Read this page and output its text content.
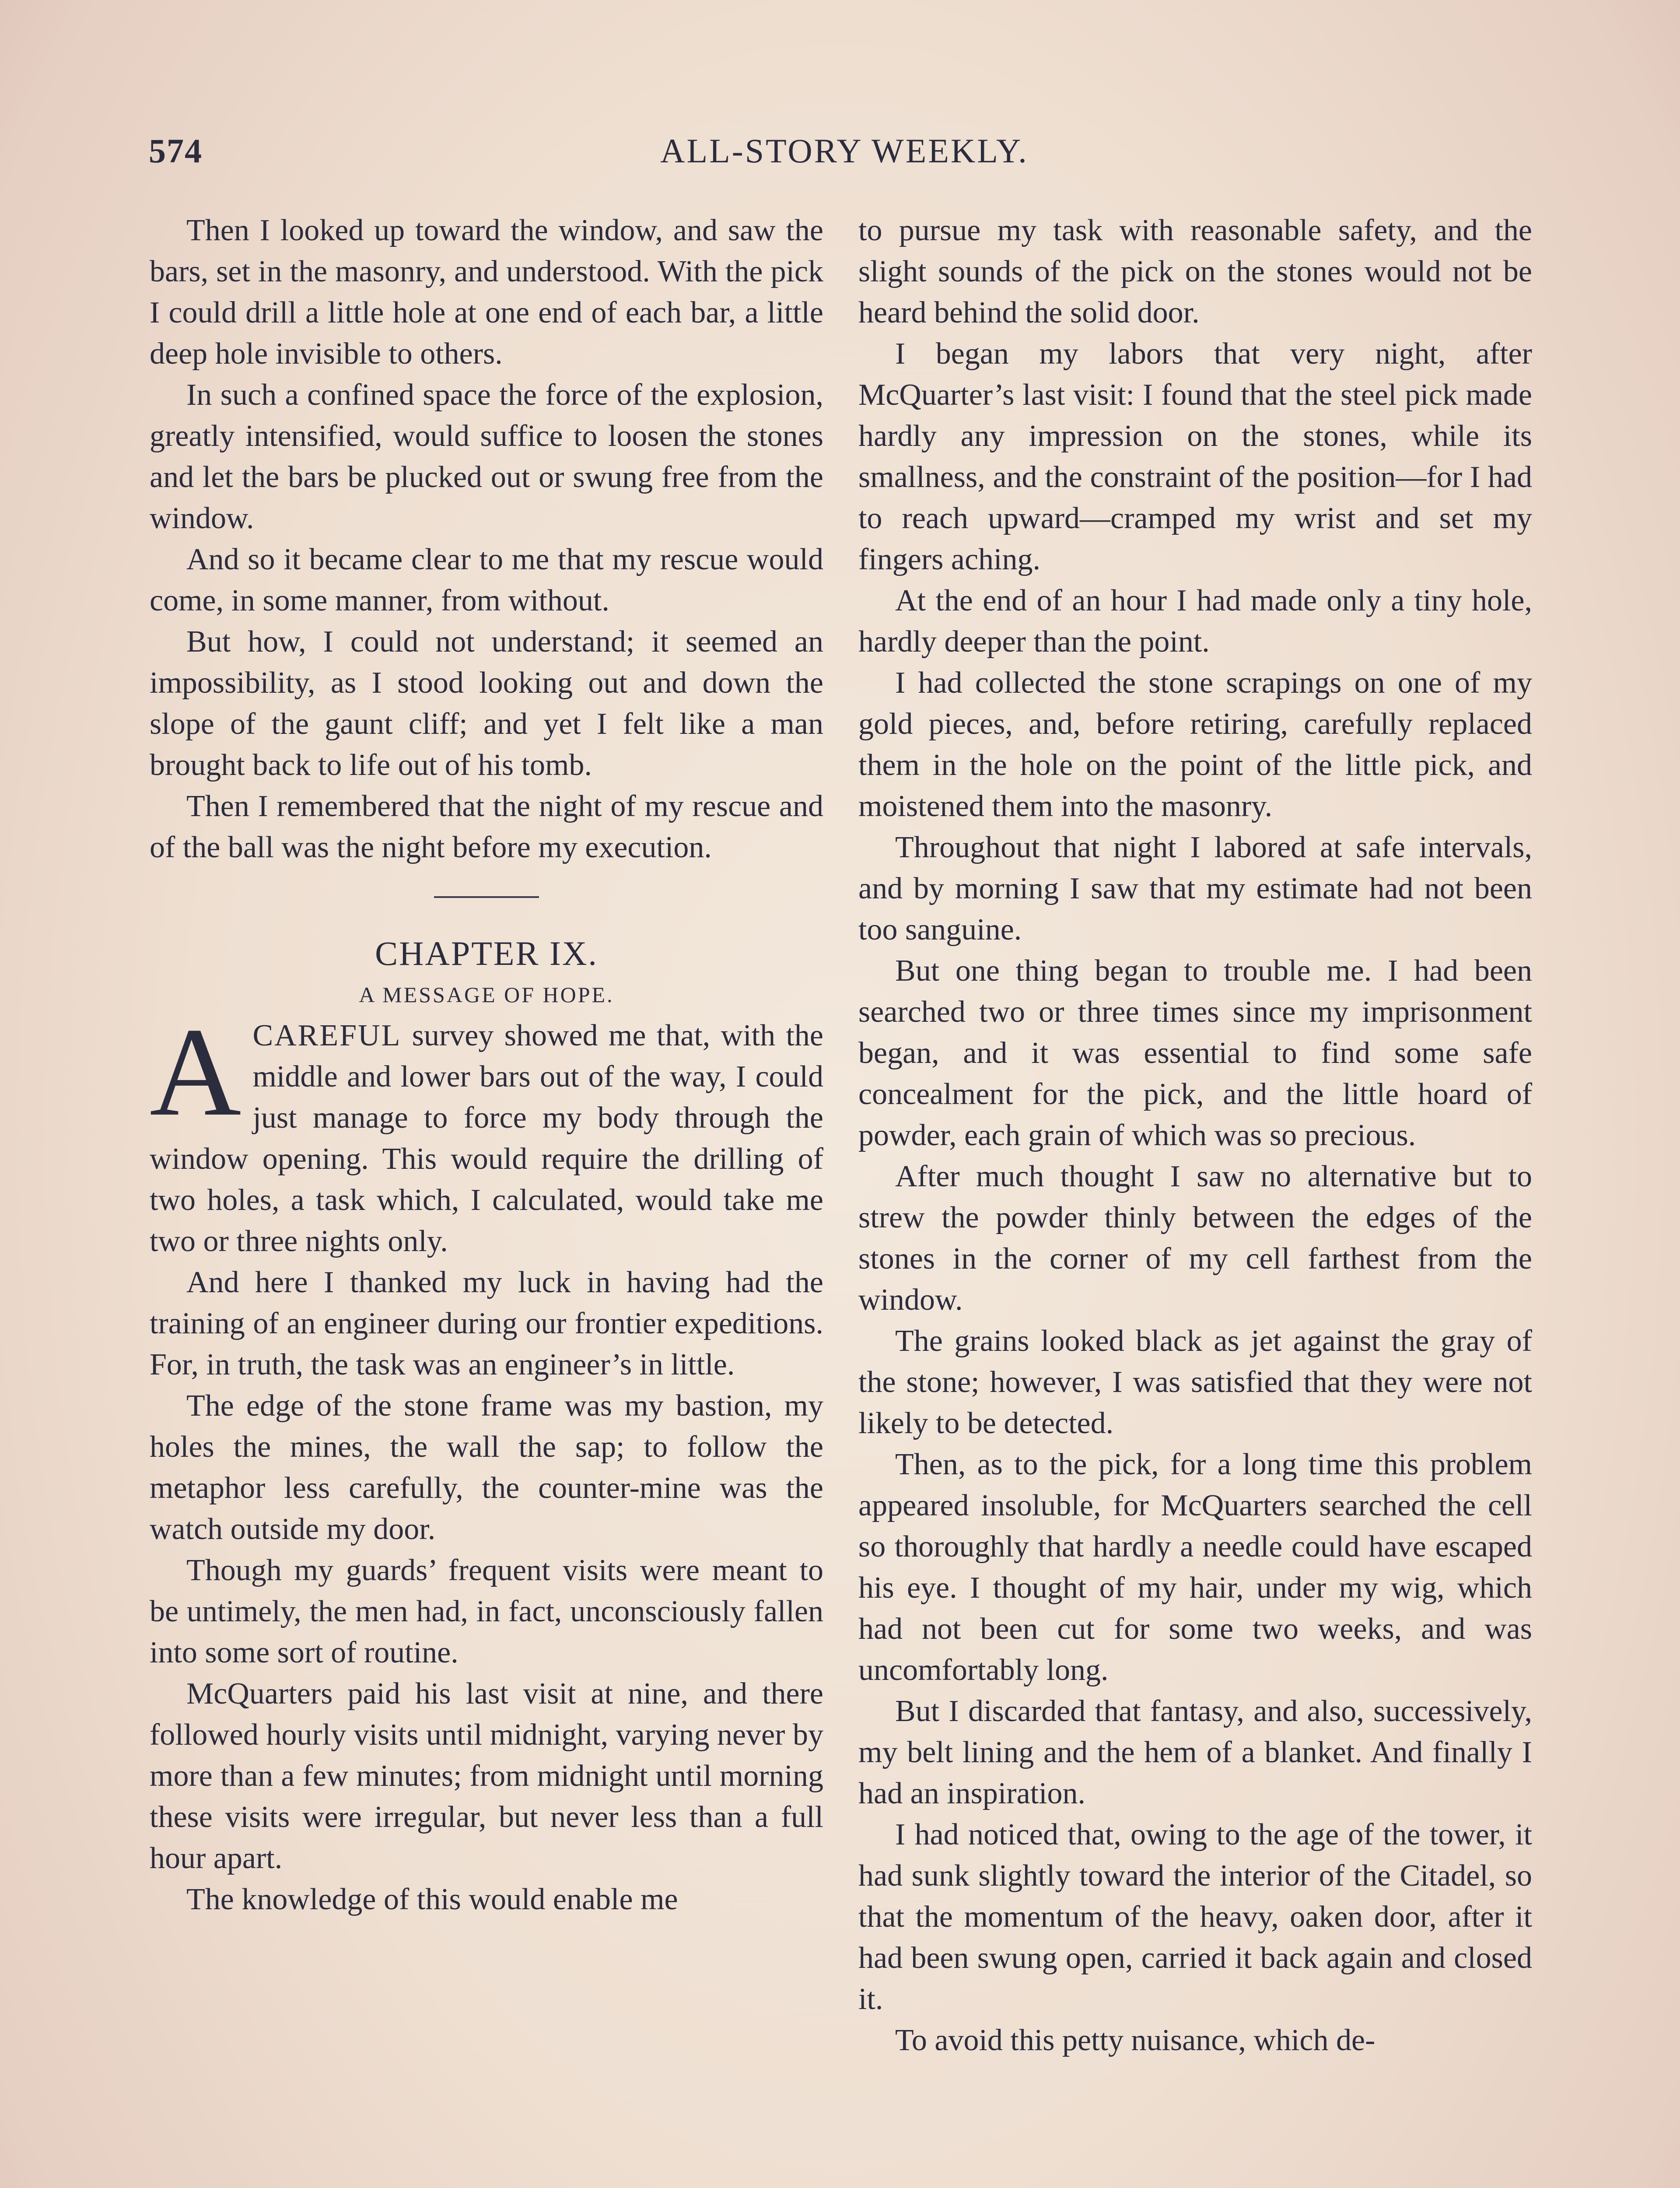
574	ALL-STORY WEEKLY.

Then I looked up toward the window, and saw the bars, set in the masonry, and understood. With the pick I could drill a little hole at one end of each bar, a little deep hole invisible to others.

In such a confined space the force of the explosion, greatly intensified, would suffice to loosen the stones and let the bars be plucked out or swung free from the window.

And so it became clear to me that my rescue would come, in some manner, from without.

But how, I could not understand; it seemed an impossibility, as I stood looking out and down the slope of the gaunt cliff; and yet I felt like a man brought back to life out of his tomb.

Then I remembered that the night of my rescue and of the ball was the night before my execution.

CHAPTER IX.

A MESSAGE OF HOPE.

ACAREFUL survey showed me that, with the middle and lower bars out of the way, I could just manage to force my body through the window opening. This would require the drilling of two holes, a task which, I calculated, would take me two or three nights only.

And here I thanked my luck in having had the training of an engineer during our frontier expeditions. For, in truth, the task was an engineer’s in little.

The edge of the stone frame was my bastion, my holes the mines, the wall the sap; to follow the metaphor less carefully, the counter-mine was the watch outside my door.

Though my guards’ frequent visits were meant to be untimely, the men had, in fact, unconsciously fallen into some sort of routine.

McQuarters paid his last visit at nine, and there followed hourly visits until midnight, varying never by more than a few minutes; from midnight until morning these visits were irregular, but never less than a full hour apart.

The knowledge of this would enable me

to pursue my task with reasonable safety, and the slight sounds of the pick on the stones would not be heard behind the solid door.

I began my labors that very night, after McQuarter’s last visit: I found that the steel pick made hardly any impression on the stones, while its smallness, and the constraint of the position—for I had to reach upward—cramped my wrist and set my fingers aching.

At the end of an hour I had made only a tiny hole, hardly deeper than the point.

I had collected the stone scrapings on one of my gold pieces, and, before retiring, carefully replaced them in the hole on the point of the little pick, and moistened them into the masonry.

Throughout that night I labored at safe intervals, and by morning I saw that my estimate had not been too sanguine.

But one thing began to trouble me. I had been searched two or three times since my imprisonment began, and it was essential to find some safe concealment for the pick, and the little hoard of powder, each grain of which was so precious.

After much thought I saw no alternative but to strew the powder thinly between the edges of the stones in the corner of my cell farthest from the window.

The grains looked black as jet against the gray of the stone; however, I was satisfied that they were not likely to be detected.

Then, as to the pick, for a long time this problem appeared insoluble, for McQuarters searched the cell so thoroughly that hardly a needle could have escaped his eye. I thought of my hair, under my wig, which had not been cut for some two weeks, and was uncomfortably long.

But I discarded that fantasy, and also, successively, my belt lining and the hem of a blanket. And finally I had an inspiration.

I had noticed that, owing to the age of the tower, it had sunk slightly toward the interior of the Citadel, so that the momentum of the heavy, oaken door, after it had been swung open, carried it back again and closed it.

To avoid this petty nuisance, which de-
